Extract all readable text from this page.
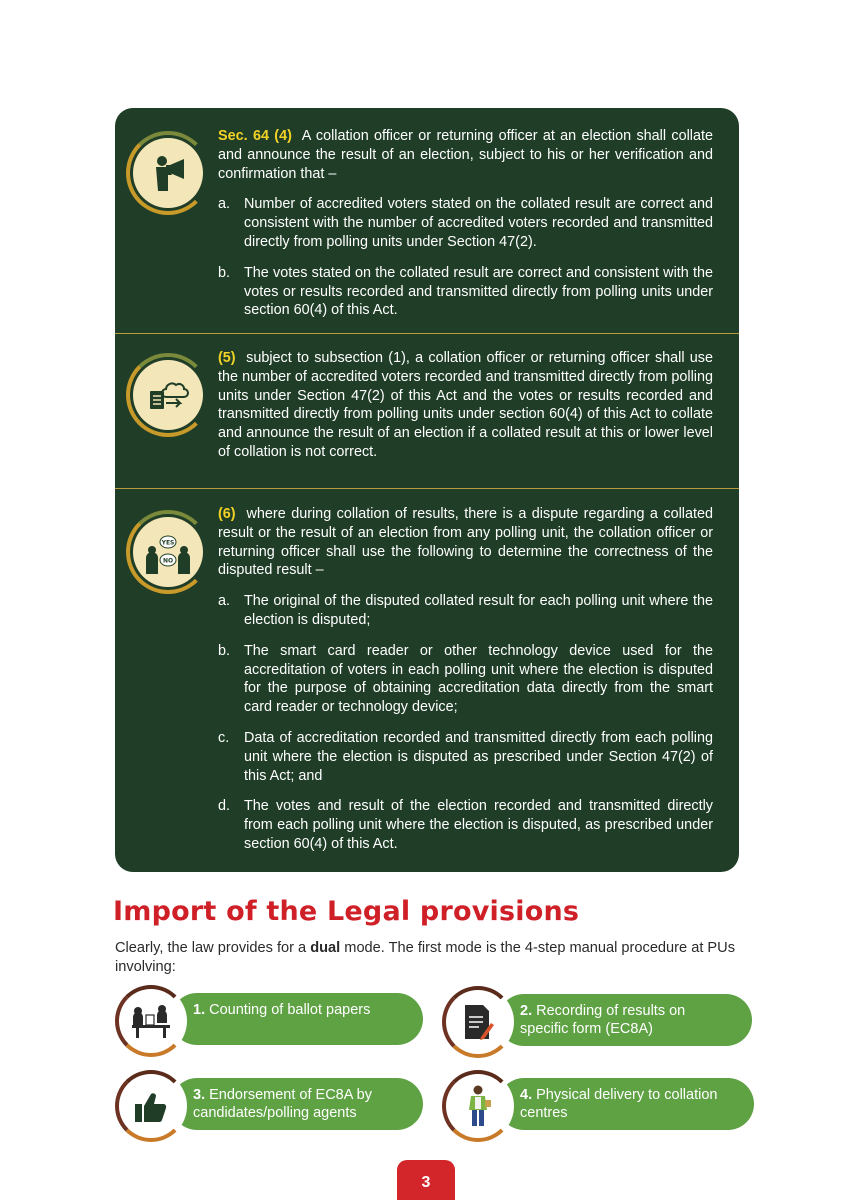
Sec. 64 (4) A collation officer or returning officer at an election shall collate and announce the result of an election, subject to his or her verification and confirmation that –
a. Number of accredited voters stated on the collated result are correct and consistent with the number of accredited voters recorded and transmitted directly from polling units under Section 47(2).
b. The votes stated on the collated result are correct and consistent with the votes or results recorded and transmitted directly from polling units under section 60(4) of this Act.
(5) subject to subsection (1), a collation officer or returning officer shall use the number of accredited voters recorded and transmitted directly from polling units under Section 47(2) of this Act and the votes or results recorded and transmitted directly from polling units under section 60(4) of this Act to collate and announce the result of an election if a collated result at this or lower level of collation is not correct.
YES
NO
(6) where during collation of results, there is a dispute regarding a collated result or the result of an election from any polling unit, the collation officer or returning officer shall use the following to determine the correctness of the disputed result –
a. The original of the disputed collated result for each polling unit where the election is disputed;
b. The smart card reader or other technology device used for the accreditation of voters in each polling unit where the election is disputed for the purpose of obtaining accreditation data directly from the smart card reader or technology device;
c. Data of accreditation recorded and transmitted directly from each polling unit where the election is disputed as prescribed under Section 47(2) of this Act; and
d. The votes and result of the election recorded and transmitted directly from each polling unit where the election is disputed, as prescribed under section 60(4) of this Act.
Import of the Legal provisions

Clearly, the law provides for a dual mode. The first mode is the 4-step manual procedure at PUs involving:

1. Counting of ballot papers	2. Recording of results on specific form (EC8A)
3. Endorsement of EC8A by candidates/polling agents
4. Physical delivery to collation centres
3
